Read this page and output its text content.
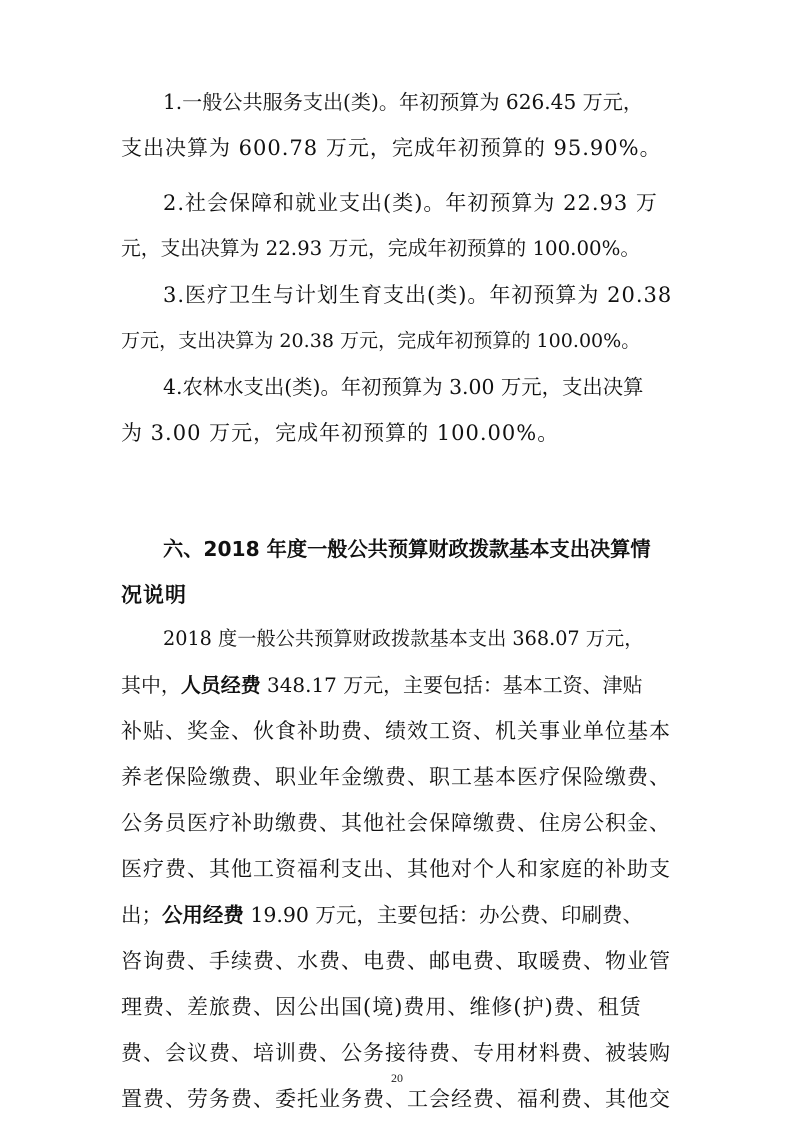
1.一般公共服务支出(类)。年初预算为 626.45 万元，
支出决算为 600.78 万元，完成年初预算的 95.90%。

2.社会保障和就业支出(类)。年初预算为 22.93 万
元，支出决算为 22.93 万元，完成年初预算的 100.00%。

3.医疗卫生与计划生育支出(类)。年初预算为 20.38
万元，支出决算为 20.38 万元，完成年初预算的 100.00%。

4.农林水支出(类)。年初预算为 3.00 万元，支出决算
为 3.00 万元，完成年初预算的 100.00%。

六、2018 年度一般公共预算财政拨款基本支出决算情
况说明

2018 度一般公共预算财政拨款基本支出 368.07 万元，
其中，人员经费 348.17 万元，主要包括：基本工资、津贴
补贴、奖金、伙食补助费、绩效工资、机关事业单位基本
养老保险缴费、职业年金缴费、职工基本医疗保险缴费、
公务员医疗补助缴费、其他社会保障缴费、住房公积金、
医疗费、其他工资福利支出、其他对个人和家庭的补助支
出；公用经费 19.90 万元，主要包括：办公费、印刷费、
咨询费、手续费、水费、电费、邮电费、取暖费、物业管
理费、差旅费、因公出国(境)费用、维修(护)费、租赁
费、会议费、培训费、公务接待费、专用材料费、被装购
置费、劳务费、委托业务费、工会经费、福利费、其他交

20
